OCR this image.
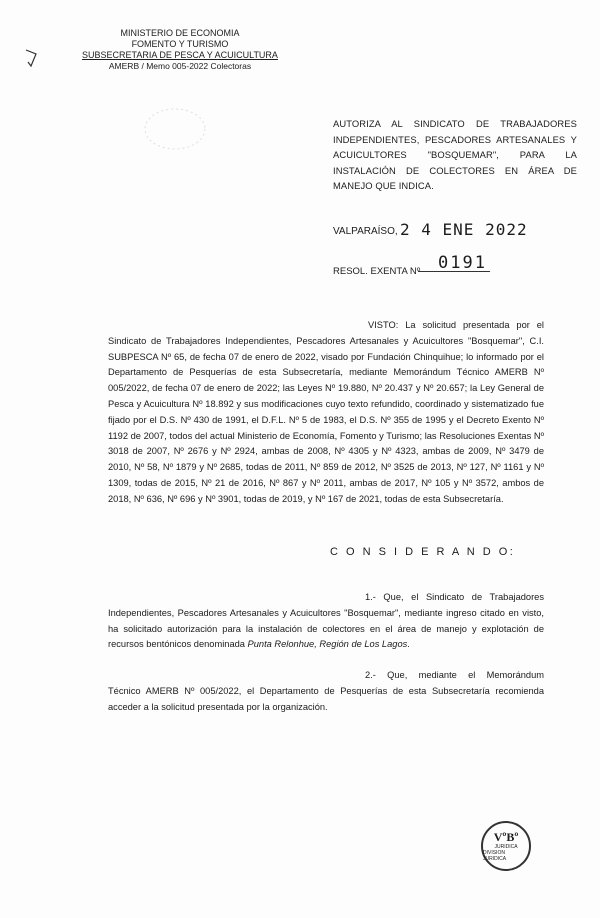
MINISTERIO DE ECONOMIA
FOMENTO Y TURISMO
SUBSECRETARIA DE PESCA Y ACUICULTURA
AMERB / Memo 005-2022 Colectoras
AUTORIZA AL SINDICATO DE TRABAJADORES INDEPENDIENTES, PESCADORES ARTESANALES Y ACUICULTORES "BOSQUEMAR", PARA LA INSTALACIÓN DE COLECTORES EN ÁREA DE MANEJO QUE INDICA.
VALPARAÍSO, 2 4 ENE 2022
RESOL. EXENTA Nº 0191
VISTO: La solicitud presentada por el Sindicato de Trabajadores Independientes, Pescadores Artesanales y Acuicultores "Bosquemar", C.I. SUBPESCA Nº 65, de fecha 07 de enero de 2022, visado por Fundación Chinquihue; lo informado por el Departamento de Pesquerías de esta Subsecretaría, mediante Memorándum Técnico AMERB Nº 005/2022, de fecha 07 de enero de 2022; las Leyes Nº 19.880, Nº 20.437 y Nº 20.657; la Ley General de Pesca y Acuicultura Nº 18.892 y sus modificaciones cuyo texto refundido, coordinado y sistematizado fue fijado por el D.S. Nº 430 de 1991, el D.F.L. Nº 5 de 1983, el D.S. Nº 355 de 1995 y el Decreto Exento Nº 1192 de 2007, todos del actual Ministerio de Economía, Fomento y Turismo; las Resoluciones Exentas Nº 3018 de 2007, Nº 2676 y Nº 2924, ambas de 2008, Nº 4305 y Nº 4323, ambas de 2009, Nº 3479 de 2010, Nº 58, Nº 1879 y Nº 2685, todas de 2011, Nº 859 de 2012, Nº 3525 de 2013, Nº 127, Nº 1161 y Nº 1309, todas de 2015, Nº 21 de 2016, Nº 867 y Nº 2011, ambas de 2017, Nº 105 y Nº 3572, ambos de 2018, Nº 636, Nº 696 y Nº 3901, todas de 2019, y Nº 167 de 2021, todas de esta Subsecretaría.
C O N S I D E R A N D O:
1.- Que, el Sindicato de Trabajadores Independientes, Pescadores Artesanales y Acuicultores "Bosquemar", mediante ingreso citado en visto, ha solicitado autorización para la instalación de colectores en el área de manejo y explotación de recursos bentónicos denominada Punta Relonhue, Región de Los Lagos.
2.- Que, mediante el Memorándum Técnico AMERB Nº 005/2022, el Departamento de Pesquerías de esta Subsecretaría recomienda acceder a la solicitud presentada por la organización.
VºBº
JURIDICA
DIVISION JURIDICA
